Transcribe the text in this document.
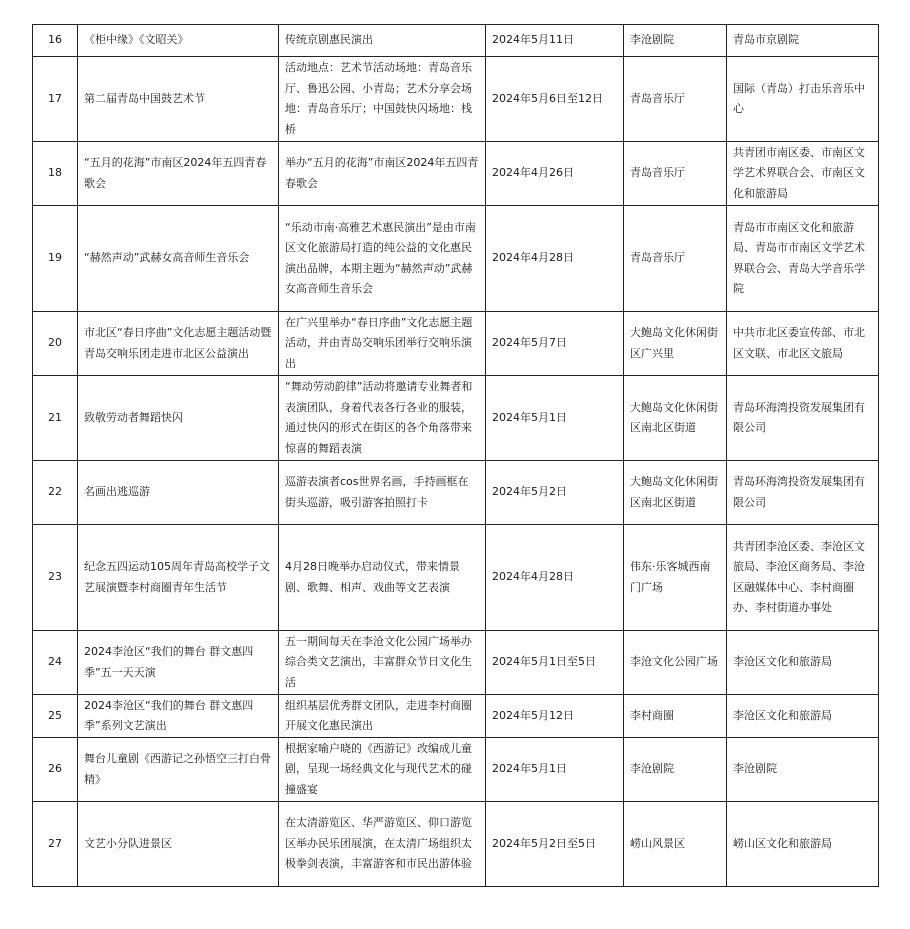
16	《柜中缘》《文昭关》	传统京剧惠民演出	2024年5月11日	李沧剧院	青岛市京剧院
17	第二届青岛中国鼓艺术节	活动地点：艺术节活动场地：青岛音乐厅、鲁迅公园、小青岛；艺术分享会场地：青岛音乐厅；中国鼓快闪场地：栈桥	2024年5月6日至12日	青岛音乐厅	国际（青岛）打击乐音乐中心
18	“五月的花海”市南区2024年五四青春歌会	举办“五月的花海”市南区2024年五四青春歌会	2024年4月26日	青岛音乐厅	共青团市南区委、市南区文学艺术界联合会、市南区文化和旅游局
19	“赫然声动”武赫女高音师生音乐会	“乐动市南·高雅艺术惠民演出”是由市南区文化旅游局打造的纯公益的文化惠民演出品牌，本期主题为“赫然声动”武赫女高音师生音乐会	2024年4月28日	青岛音乐厅	青岛市市南区文化和旅游局、青岛市市南区文学艺术界联合会、青岛大学音乐学院
20	市北区“春日序曲”文化志愿主题活动暨青岛交响乐团走进市北区公益演出	在广兴里举办“春日序曲”文化志愿主题活动，并由青岛交响乐团举行交响乐演出	2024年5月7日	大鲍岛文化休闲街区广兴里	中共市北区委宣传部、市北区文联、市北区文旅局
21	致敬劳动者舞蹈快闪	“舞动劳动韵律”活动将邀请专业舞者和表演团队，身着代表各行各业的服装，通过快闪的形式在街区的各个角落带来惊喜的舞蹈表演	2024年5月1日	大鲍岛文化休闲街区南北区街道	青岛环海湾投资发展集团有限公司
22	名画出逃巡游	巡游表演者cos世界名画，手持画框在街头巡游，吸引游客拍照打卡	2024年5月2日	大鲍岛文化休闲街区南北区街道	青岛环海湾投资发展集团有限公司
23	纪念五四运动105周年青岛高校学子文艺展演暨李村商圈青年生活节	4月28日晚举办启动仪式，带来情景剧、歌舞、相声、戏曲等文艺表演	2024年4月28日	伟东·乐客城西南门广场	共青团李沧区委、李沧区文旅局、李沧区商务局、李沧区融媒体中心、李村商圈办、李村街道办事处
24	2024李沧区“我们的舞台 群文惠四季”五一天天演	五一期间每天在李沧文化公园广场举办综合类文艺演出，丰富群众节日文化生活	2024年5月1日至5日	李沧文化公园广场	李沧区文化和旅游局
25	2024李沧区“我们的舞台 群文惠四季”系列文艺演出	组织基层优秀群文团队，走进李村商圈开展文化惠民演出	2024年5月12日	李村商圈	李沧区文化和旅游局
26	舞台儿童剧《西游记之孙悟空三打白骨精》	根据家喻户晓的《西游记》改编成儿童剧，呈现一场经典文化与现代艺术的碰撞盛宴	2024年5月1日	李沧剧院	李沧剧院
27	文艺小分队进景区	在太清游览区、华严游览区、仰口游览区举办民乐团展演，在太清广场组织太极拳剑表演，丰富游客和市民出游体验	2024年5月2日至5日	崂山风景区	崂山区文化和旅游局
